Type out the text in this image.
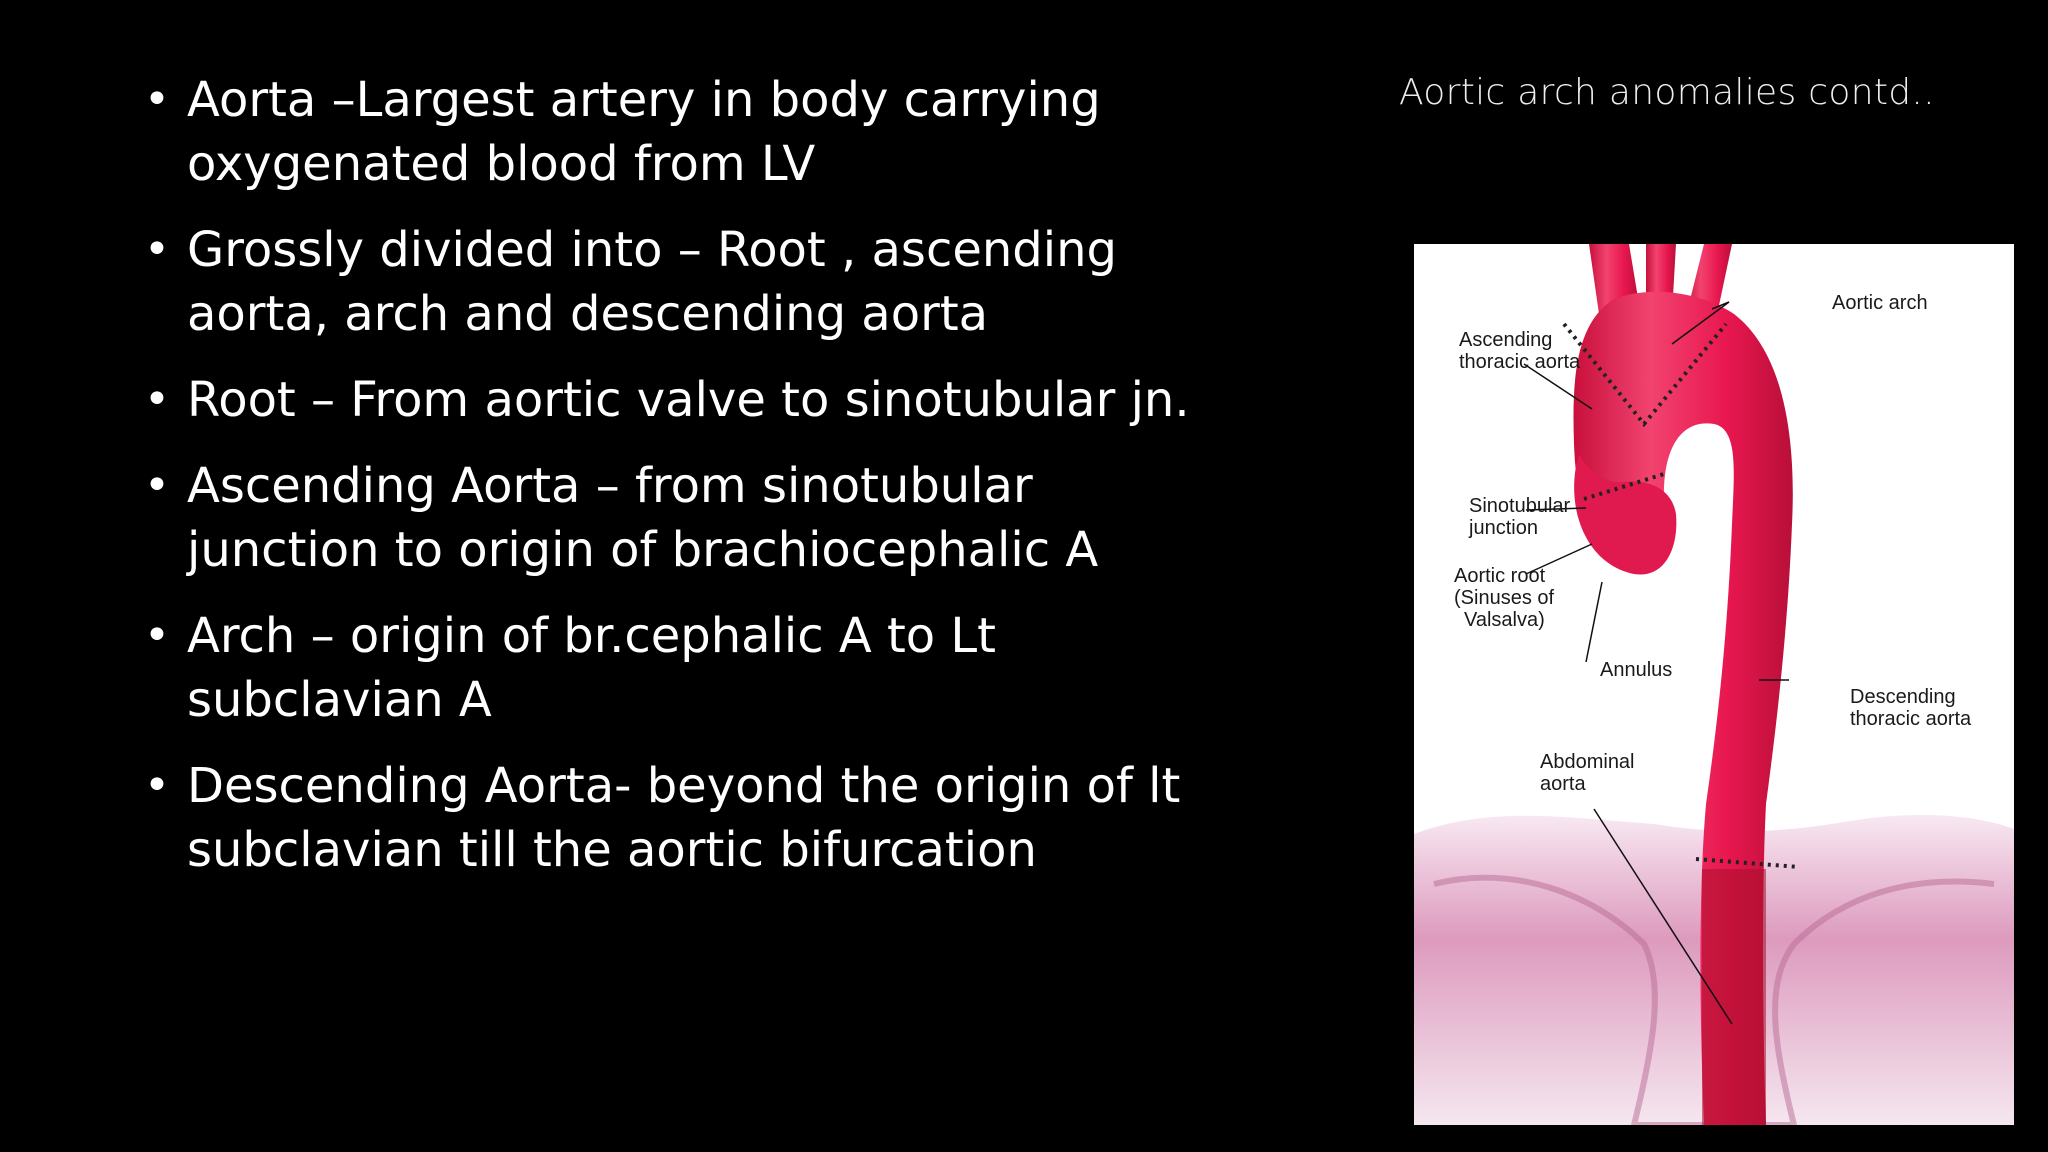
Aortic arch anomalies contd..
• Aorta –Largest artery in body carrying oxygenated blood from LV
• Grossly divided into – Root , ascending aorta, arch and descending aorta
• Root – From aortic valve to sinotubular jn.
• Ascending Aorta – from sinotubular junction to origin of brachiocephalic A
• Arch – origin of br.cephalic A to Lt subclavian A
• Descending Aorta- beyond the origin of lt subclavian till the aortic bifurcation
Aortic arch
Ascending
thoracic aorta
Sinotubular
junction
Aortic root
(Sinuses of
Valsalva)
Annulus
Descending
thoracic aorta
Abdominal
aorta
